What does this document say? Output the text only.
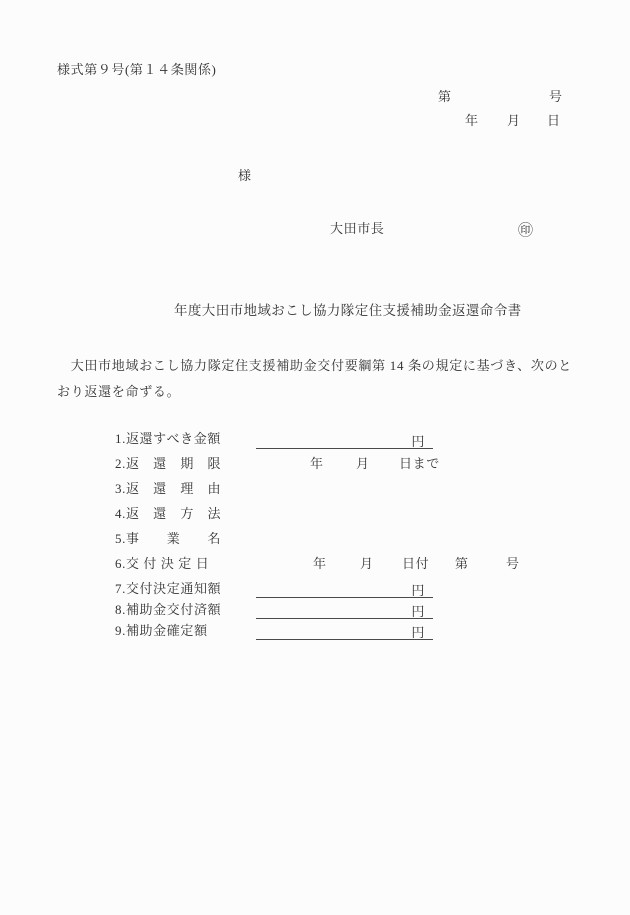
様式第９号(第１４条関係)
第	号
年 月 日
様
大田市長	㊞
年度大田市地域おこし協力隊定住支援補助金返還命令書
　大田市地域おこし協力隊定住支援補助金交付要綱第 14 条の規定に基づき、次のとおり返還を命ずる。
1.返還すべき金額	円
2.返　還　期　限	年 月 日まで
3.返　還　理　由
4.返　還　方　法
5.事　　業　　名
6.交 付 決 定 日	年	月 日付 第	号
7.交付決定通知額	円
8.補助金交付済額	円
9.補助金確定額	円
